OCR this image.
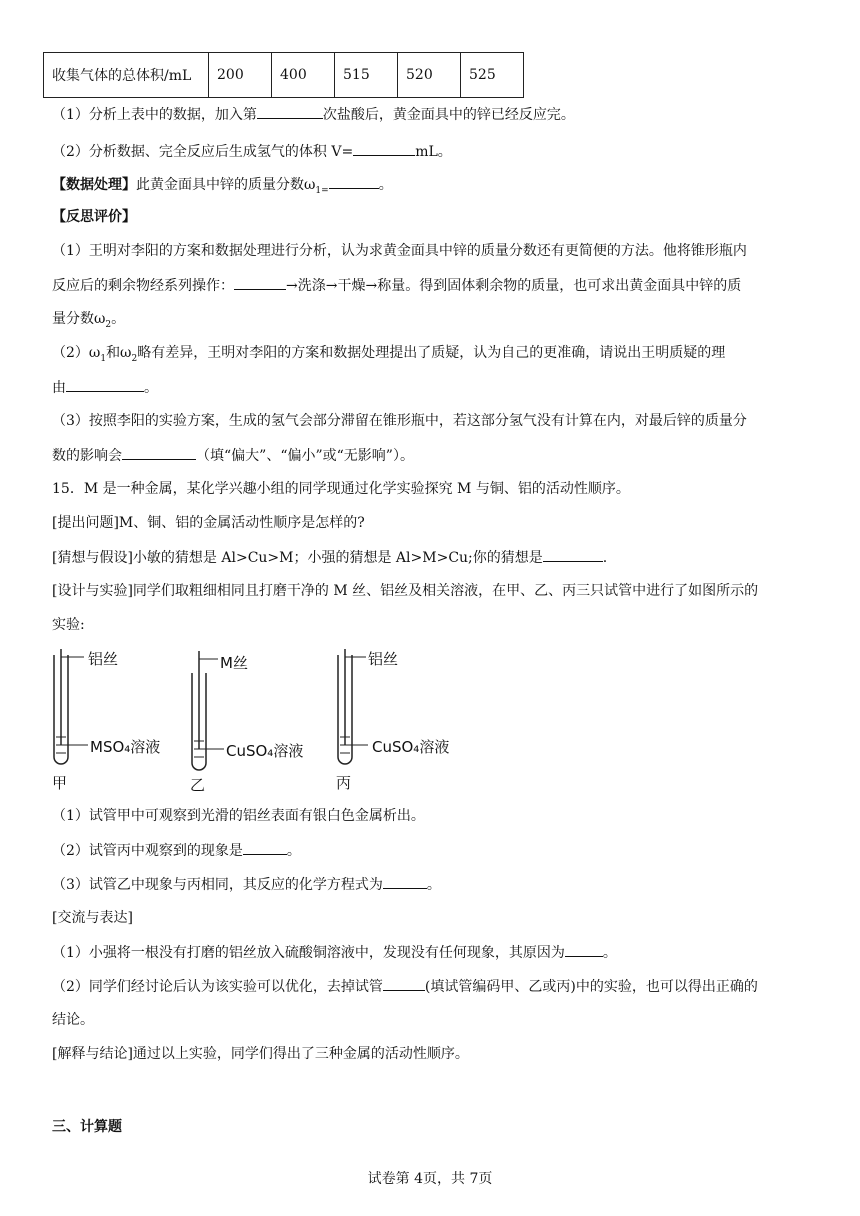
收集气体的总体积/mL	200	400	515	520	525
（1）分析上表中的数据，加入第	次盐酸后，黄金面具中的锌已经反应完。
（2）分析数据、完全反应后生成氢气的体积 V=	mL。
【数据处理】此黄金面具中锌的质量分数$\omega_{1=}$	。
【反思评价】
（1）王明对李阳的方案和数据处理进行分析，认为求黄金面具中锌的质量分数还有更简便的方法。他将锥形瓶内
反应后的剩余物经系列操作：	→洗涤→干燥→称量。得到固体剩余物的质量，也可求出黄金面具中锌的质
量分数$\omega_2$。
$(2)\omega_1$和$\omega_2$略有差异，王明对李阳的方案和数据处理提出了质疑，认为自己的更准确，请说出王明质疑的理
由	。
（3）按照李阳的实验方案，生成的氢气会部分滞留在锥形瓶中，若这部分氢气没有计算在内，对最后锌的质量分
数的影响会	（填“偏大”、“偏小”或“无影响”）。
15．M 是一种金属，某化学兴趣小组的同学现通过化学实验探究 M 与铜、铝的活动性顺序。
[提出问题]M、铜、铝的金属活动性顺序是怎样的?
[猜想与假设]小敏的猜想是 Al>Cu>M；小强的猜想是 Al>M>Cu;你的猜想是	.
[设计与实验]同学们取粗细相同且打磨干净的 M 丝、铝丝及相关溶液，在甲、乙、丙三只试管中进行了如图所示的
实验:
铝丝
MSO₄溶液
甲
M丝
CuSO₄溶液
乙
铝丝
CuSO₄溶液
丙
（1）试管甲中可观察到光滑的铝丝表面有银白色金属析出。
（2）试管丙中观察到的现象是	。
（3）试管乙中现象与丙相同，其反应的化学方程式为	。
[交流与表达]
（1）小强将一根没有打磨的铝丝放入硫酸铜溶液中，发现没有任何现象，其原因为	。
（2）同学们经讨论后认为该实验可以优化，去掉试管	(填试管编码甲、乙或丙)中的实验，也可以得出正确的
结论。
[解释与结论]通过以上实验，同学们得出了三种金属的活动性顺序。
三、计算题
试卷第 4页，共 7页
